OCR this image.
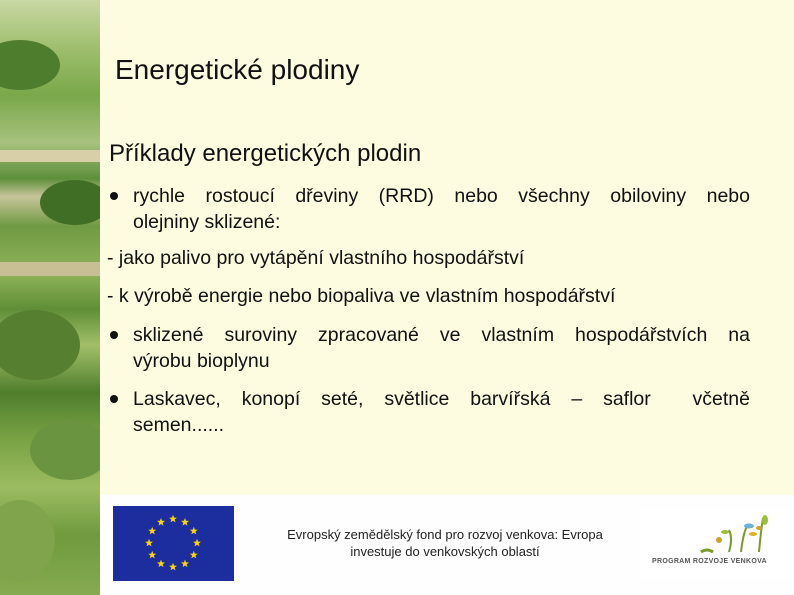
Energetické plodiny
Příklady energetických plodin
rychle rostoucí dřeviny (RRD) nebo všechny obiloviny nebo
olejniny sklizené:
- jako palivo pro vytápění vlastního hospodářství
- k výrobě energie nebo biopaliva ve vlastním hospodářství
sklizené suroviny zpracované ve vlastním hospodářstvích na
výrobu bioplynu
Laskavec, konopí seté, světlice barvířská – saflor  včetně
semen......
Evropský zemědělský fond pro rozvoj venkova: Evropa
investuje do venkovských oblastí
PROGRAM ROZVOJE VENKOVA
